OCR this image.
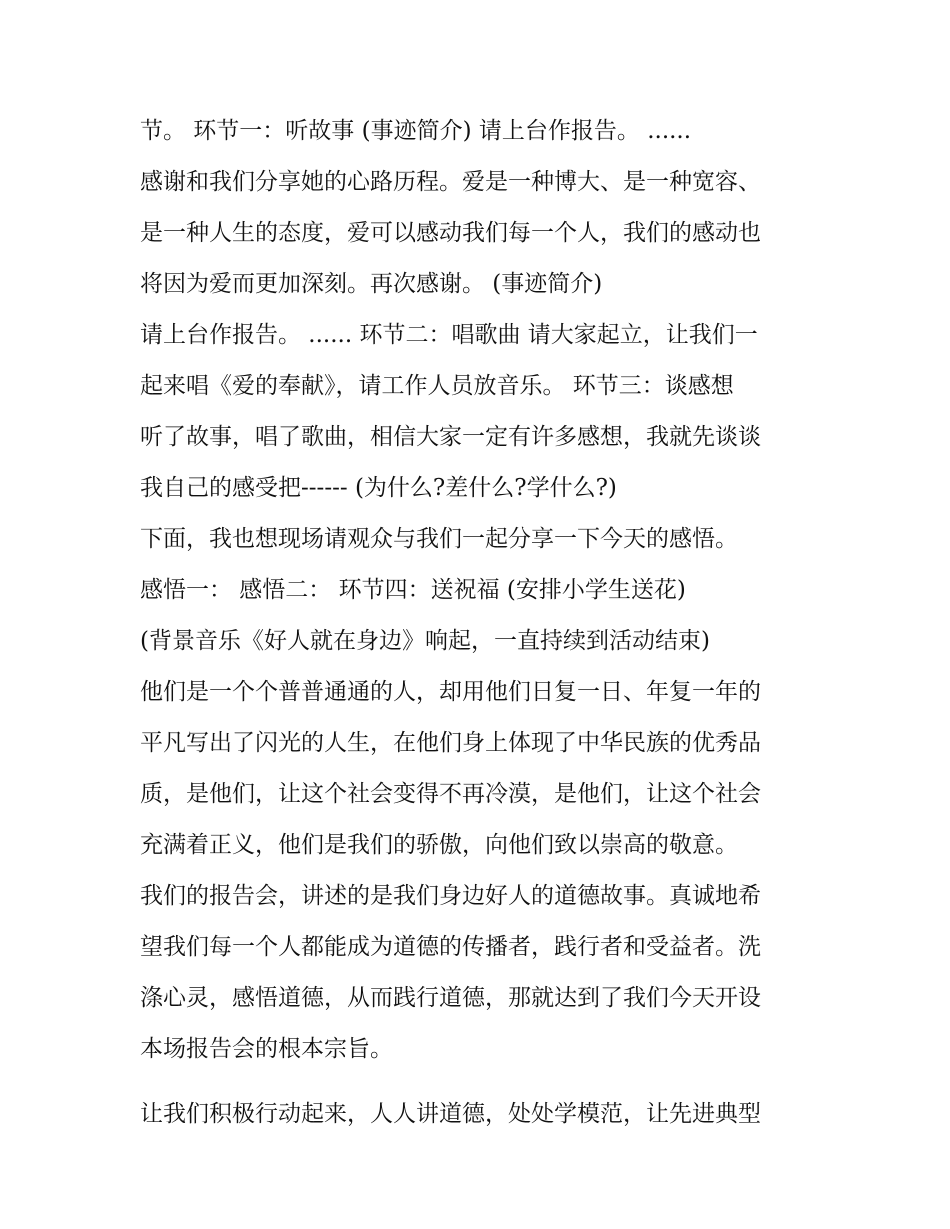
节。 环节一：听故事 (事迹简介) 请上台作报告。 ......
感谢和我们分享她的心路历程。爱是一种博大、是一种宽容、
是一种人生的态度，爱可以感动我们每一个人，我们的感动也
将因为爱而更加深刻。再次感谢。 (事迹简介)
请上台作报告。 ...... 环节二：唱歌曲 请大家起立，让我们一
起来唱《爱的奉献》，请工作人员放音乐。 环节三：谈感想
听了故事，唱了歌曲，相信大家一定有许多感想，我就先谈谈
我自己的感受把------ (为什么?差什么?学什么?)
下面，我也想现场请观众与我们一起分享一下今天的感悟。
感悟一： 感悟二： 环节四：送祝福 (安排小学生送花)
(背景音乐《好人就在身边》响起，一直持续到活动结束)
他们是一个个普普通通的人，却用他们日复一日、年复一年的
平凡写出了闪光的人生，在他们身上体现了中华民族的优秀品
质，是他们，让这个社会变得不再冷漠，是他们，让这个社会
充满着正义，他们是我们的骄傲，向他们致以崇高的敬意。
我们的报告会，讲述的是我们身边好人的道德故事。真诚地希
望我们每一个人都能成为道德的传播者，践行者和受益者。洗
涤心灵，感悟道德，从而践行道德，那就达到了我们今天开设
本场报告会的根本宗旨。
让我们积极行动起来，人人讲道德，处处学模范，让先进典型
